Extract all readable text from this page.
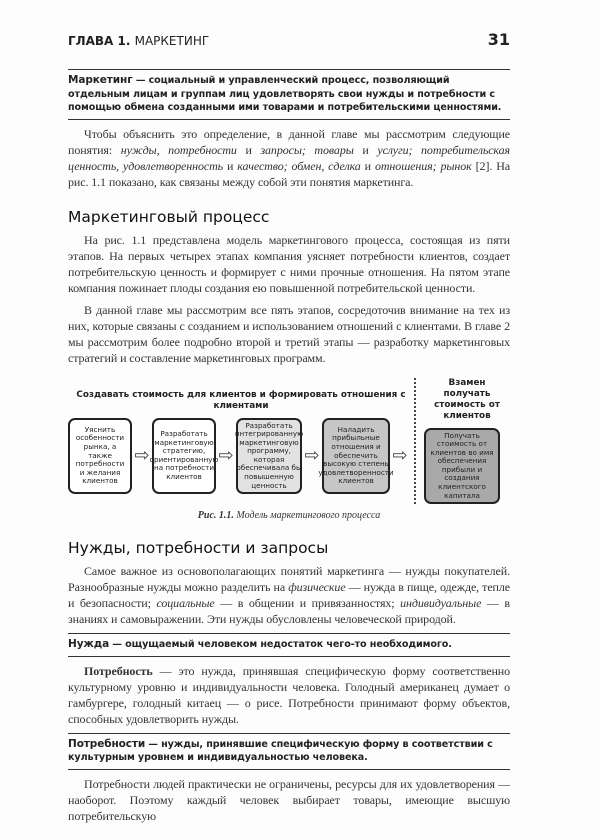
ГЛАВА 1. МАРКЕТИНГ	31
Маркетинг — социальный и управленческий процесс, позволяющий отдельным лицам и группам лиц удовлетворять свои нужды и потребности с помощью обмена созданными ими товарами и потребительскими ценностями.
Чтобы объяснить это определение, в данной главе мы рассмотрим следующие понятия: нужды, потребности и запросы; товары и услуги; потребительская ценность, удовлетворенность и качество; обмен, сделка и отношения; рынок [2]. На рис. 1.1 показано, как связаны между собой эти понятия маркетинга.
Маркетинговый процесс
На рис. 1.1 представлена модель маркетингового процесса, состоящая из пяти этапов. На первых четырех этапах компания уясняет потребности клиентов, создает потребительскую ценность и формирует с ними прочные отношения. На пятом этапе компания пожинает плоды создания ею повышенной потребительской ценности.
В данной главе мы рассмотрим все пять этапов, сосредоточив внимание на тех из них, которые связаны с созданием и использованием отношений с клиентами. В главе 2 мы рассмотрим более подробно второй и третий этапы — разработку маркетинговых стратегий и составление маркетинговых программ.
Создавать стоимость для клиентов и формировать отношения с клиентами
Уяснить особенности рынка, а также потребности и желания клиентов
⇨
Разработать маркетинговую стратегию, ориентированную на потребности клиентов
⇨
Разработать интегрированную маркетинговую программу, которая обеспечивала бы повышенную ценность
⇨
Наладить прибыльные отношения и обеспечить высокую степень удовлетворенности клиентов
⇨
Взамен получать стоимость от клиентов
Получать стоимость от клиентов во имя обеспечения прибыли и создания клиентского капитала
Рис. 1.1. Модель маркетингового процесса
Нужды, потребности и запросы
Самое важное из основополагающих понятий маркетинга — нужды покупателей. Разнообразные нужды можно разделить на физические — нужда в пище, одежде, тепле и безопасности; социальные — в общении и привязанностях; индивидуальные — в знаниях и самовыражении. Эти нужды обусловлены человеческой природой.
Нужда — ощущаемый человеком недостаток чего-то необходимого.
Потребность — это нужда, принявшая специфическую форму соответственно культурному уровню и индивидуальности человека. Голодный американец думает о гамбургере, голодный китаец — о рисе. Потребности принимают форму объектов, способных удовлетворить нужды.
Потребности — нужды, принявшие специфическую форму в соответствии с культурным уровнем и индивидуальностью человека.
Потребности людей практически не ограничены, ресурсы для их удовлетворения — наоборот. Поэтому каждый человек выбирает товары, имеющие высшую потребительскую
